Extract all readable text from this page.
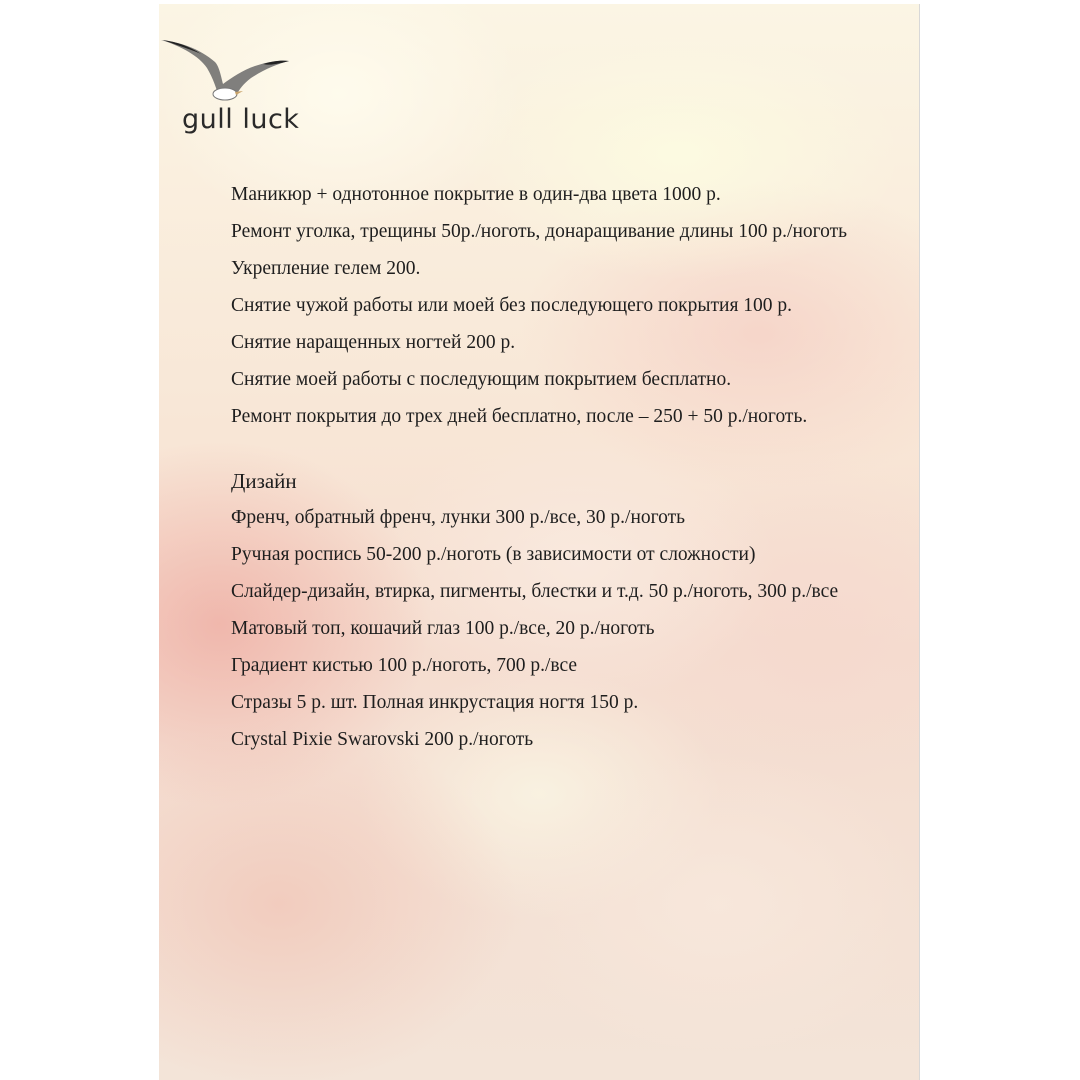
gull luck
Маникюр + однотонное покрытие в один-два цвета 1000 р.
Ремонт уголка, трещины 50р./ноготь, донаращивание длины 100 р./ноготь
Укрепление гелем 200.
Снятие чужой работы или моей без последующего покрытия 100 р.
Снятие наращенных ногтей 200 р.
Снятие моей работы с последующим покрытием бесплатно.
Ремонт покрытия до трех дней бесплатно, после – 250 + 50 р./ноготь.
Дизайн
Френч, обратный френч, лунки 300 р./все, 30 р./ноготь
Ручная роспись 50-200 р./ноготь (в зависимости от сложности)
Слайдер-дизайн, втирка, пигменты, блестки и т.д. 50 р./ноготь, 300 р./все
Матовый топ, кошачий глаз 100 р./все, 20 р./ноготь
Градиент кистью 100 р./ноготь, 700 р./все
Стразы 5 р. шт. Полная инкрустация ногтя 150 р.
Crystal Pixie Swarovski 200 р./ноготь
